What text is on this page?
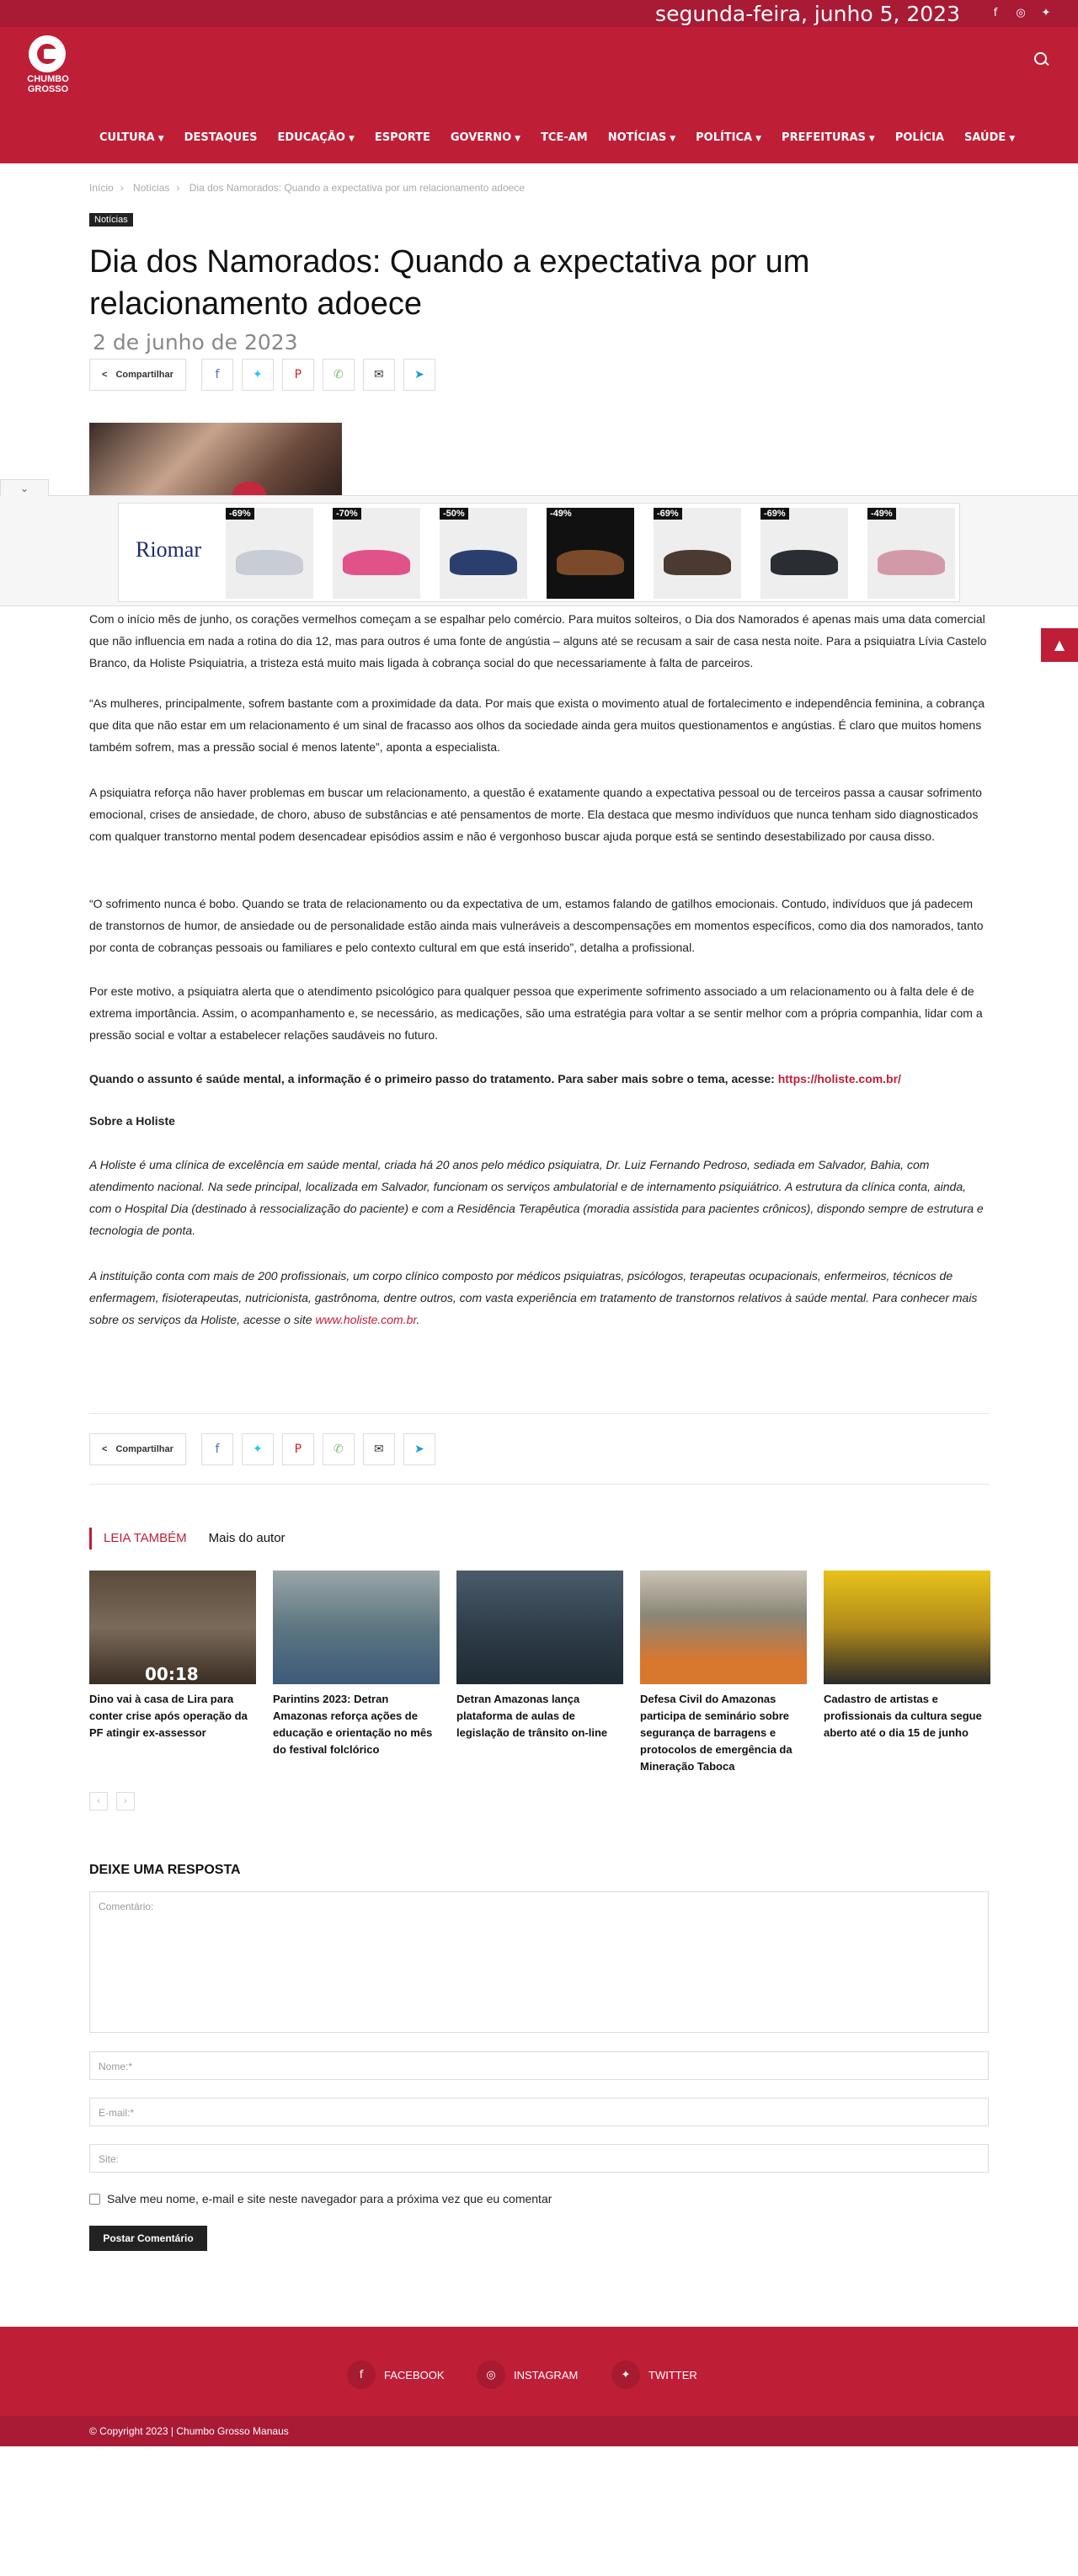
segunda-feira, junho 5, 2023	f	◎	✦
CHUMBO
GROSSO
CULTURA ▼	DESTAQUES	EDUCAÇÃO ▼	ESPORTE	GOVERNO ▼	TCE-AM	NOTÍCIAS ▼	POLÍTICA ▼	PREFEITURAS ▼	POLÍCIA	SAÚDE ▼
Início › Notícias › Dia dos Namorados: Quando a expectativa por um relacionamento adoece
Notícias
Dia dos Namorados: Quando a expectativa por um relacionamento adoece
2 de junho de 2023
< Compartilhar	f	✦	P	✆	✉	➤
⌄
Riomar
-69%	-70%	-50%	-49%	-69%	-69%	-49%
▲

Com o início mês de junho, os corações vermelhos começam a se espalhar pelo comércio. Para muitos solteiros, o Dia dos Namorados é apenas mais uma data comercial que não influencia em nada a rotina do dia 12, mas para outros é uma fonte de angústia – alguns até se recusam a sair de casa nesta noite. Para a psiquiatra Lívia Castelo Branco, da Holiste Psiquiatria, a tristeza está muito mais ligada à cobrança social do que necessariamente à falta de parceiros.

“As mulheres, principalmente, sofrem bastante com a proximidade da data. Por mais que exista o movimento atual de fortalecimento e independência feminina, a cobrança que dita que não estar em um relacionamento é um sinal de fracasso aos olhos da sociedade ainda gera muitos questionamentos e angústias. É claro que muitos homens também sofrem, mas a pressão social é menos latente”, aponta a especialista.

A psiquiatra reforça não haver problemas em buscar um relacionamento, a questão é exatamente quando a expectativa pessoal ou de terceiros passa a causar sofrimento emocional, crises de ansiedade, de choro, abuso de substâncias e até pensamentos de morte. Ela destaca que mesmo indivíduos que nunca tenham sido diagnosticados com qualquer transtorno mental podem desencadear episódios assim e não é vergonhoso buscar ajuda porque está se sentindo desestabilizado por causa disso.

“O sofrimento nunca é bobo. Quando se trata de relacionamento ou da expectativa de um, estamos falando de gatilhos emocionais. Contudo, indivíduos que já padecem de transtornos de humor, de ansiedade ou de personalidade estão ainda mais vulneráveis a descompensações em momentos específicos, como dia dos namorados, tanto por conta de cobranças pessoais ou familiares e pelo contexto cultural em que está inserido”, detalha a profissional.

Por este motivo, a psiquiatra alerta que o atendimento psicológico para qualquer pessoa que experimente sofrimento associado a um relacionamento ou à falta dele é de extrema importância. Assim, o acompanhamento e, se necessário, as medicações, são uma estratégia para voltar a se sentir melhor com a própria companhia, lidar com a pressão social e voltar a estabelecer relações saudáveis no futuro.

Quando o assunto é saúde mental, a informação é o primeiro passo do tratamento. Para saber mais sobre o tema, acesse: https://holiste.com.br/

Sobre a Holiste

A Holiste é uma clínica de excelência em saúde mental, criada há 20 anos pelo médico psiquiatra, Dr. Luiz Fernando Pedroso, sediada em Salvador, Bahia, com atendimento nacional. Na sede principal, localizada em Salvador, funcionam os serviços ambulatorial e de internamento psiquiátrico. A estrutura da clínica conta, ainda, com o Hospital Dia (destinado à ressocialização do paciente) e com a Residência Terapêutica (moradia assistida para pacientes crônicos), dispondo sempre de estrutura e tecnologia de ponta.

A instituição conta com mais de 200 profissionais, um corpo clínico composto por médicos psiquiatras, psicólogos, terapeutas ocupacionais, enfermeiros, técnicos de enfermagem, fisioterapeutas, nutricionista, gastrônoma, dentre outros, com vasta experiência em tratamento de transtornos relativos à saúde mental. Para conhecer mais sobre os serviços da Holiste, acesse o site www.holiste.com.br.

< Compartilhar	f	✦	P	✆	✉	➤
LEIA TAMBÉM Mais do autor
00:18
Dino vai à casa de Lira para conter crise após operação da PF atingir ex-assessor
Parintins 2023: Detran Amazonas reforça ações de educação e orientação no mês do festival folclórico
Detran Amazonas lança plataforma de aulas de legislação de trânsito on-line
Defesa Civil do Amazonas participa de seminário sobre segurança de barragens e protocolos de emergência da Mineração Taboca
Cadastro de artistas e profissionais da cultura segue aberto até o dia 15 de junho
‹	›
DEIXE UMA RESPOSTA
Comentário:
Nome:*
E-mail:*
Site:
Salve meu nome, e-mail e site neste navegador para a próxima vez que eu comentar
Postar Comentário
f	FACEBOOK	◎	INSTAGRAM	✦	TWITTER
© Copyright 2023 | Chumbo Grosso Manaus
